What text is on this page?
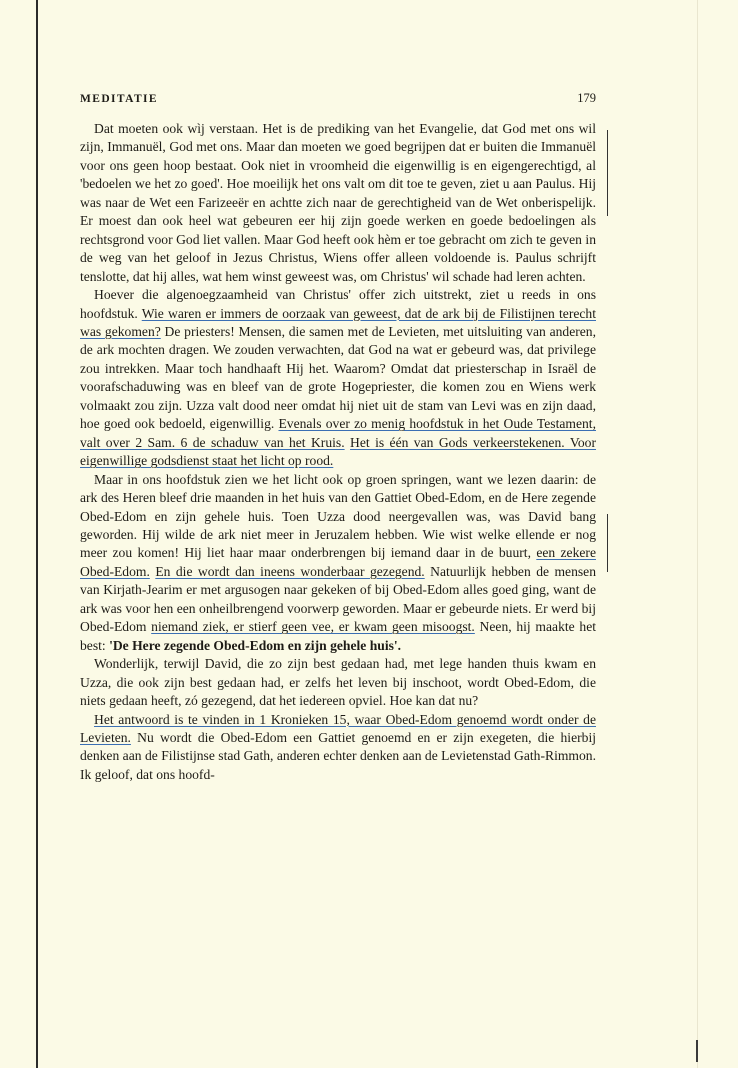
MEDITATIE	179

Dat moeten ook wìj verstaan. Het is de prediking van het Evangelie, dat God met ons wil zijn, Immanuël, God met ons. Maar dan moeten we goed begrijpen dat er buiten die Immanuël voor ons geen hoop bestaat. Ook niet in vroomheid die eigenwillig is en eigengerechtigd, al 'bedoelen we het zo goed'. Hoe moeilijk het ons valt om dit toe te geven, ziet u aan Paulus. Hij was naar de Wet een Farizeeër en achtte zich naar de gerechtigheid van de Wet onberispelijk. Er moest dan ook heel wat gebeuren eer hij zijn goede werken en goede bedoelingen als rechtsgrond voor God liet vallen. Maar God heeft ook hèm er toe gebracht om zich te geven in de weg van het geloof in Jezus Christus, Wiens offer alleen voldoende is. Paulus schrijft tenslotte, dat hij alles, wat hem winst geweest was, om Christus' wil schade had leren achten.

Hoever die algenoegzaamheid van Christus' offer zich uitstrekt, ziet u reeds in ons hoofdstuk. Wie waren er immers de oorzaak van geweest, dat de ark bij de Filistijnen terecht was gekomen? De priesters! Mensen, die samen met de Levieten, met uitsluiting van anderen, de ark mochten dragen. We zouden verwachten, dat God na wat er gebeurd was, dat privilege zou intrekken. Maar toch handhaaft Hij het. Waarom? Omdat dat priesterschap in Israël de voorafschaduwing was en bleef van de grote Hogepriester, die komen zou en Wiens werk volmaakt zou zijn. Uzza valt dood neer omdat hij niet uit de stam van Levi was en zijn daad, hoe goed ook bedoeld, eigenwillig. Evenals over zo menig hoofdstuk in het Oude Testament, valt over 2 Sam. 6 de schaduw van het Kruis. Het is één van Gods verkeerstekenen. Voor eigenwillige godsdienst staat het licht op rood.

Maar in ons hoofdstuk zien we het licht ook op groen springen, want we lezen daarin: de ark des Heren bleef drie maanden in het huis van den Gattiet Obed-Edom, en de Here zegende Obed-Edom en zijn gehele huis. Toen Uzza dood neergevallen was, was David bang geworden. Hij wilde de ark niet meer in Jeruzalem hebben. Wie wist welke ellende er nog meer zou komen! Hij liet haar maar onderbrengen bij iemand daar in de buurt, een zekere Obed-Edom. En die wordt dan ineens wonderbaar gezegend. Natuurlijk hebben de mensen van Kirjath-Jearim er met argusogen naar gekeken of bij Obed-Edom alles goed ging, want de ark was voor hen een onheilbrengend voorwerp geworden. Maar er gebeurde niets. Er werd bij Obed-Edom niemand ziek, er stierf geen vee, er kwam geen misoogst. Neen, hij maakte het best: 'De Here zegende Obed-Edom en zijn gehele huis'.

Wonderlijk, terwijl David, die zo zijn best gedaan had, met lege handen thuis kwam en Uzza, die ook zijn best gedaan had, er zelfs het leven bij inschoot, wordt Obed-Edom, die niets gedaan heeft, zó gezegend, dat het iedereen opviel. Hoe kan dat nu?

Het antwoord is te vinden in 1 Kronieken 15, waar Obed-Edom genoemd wordt onder de Levieten. Nu wordt die Obed-Edom een Gattiet genoemd en er zijn exegeten, die hierbij denken aan de Filistijnse stad Gath, anderen echter denken aan de Levietenstad Gath-Rimmon. Ik geloof, dat ons hoofd-
